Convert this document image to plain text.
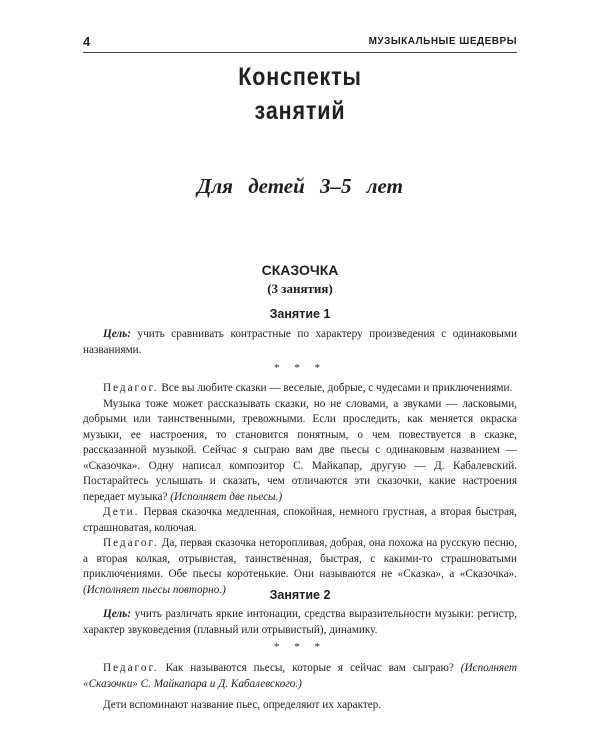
4	МУЗЫКАЛЬНЫЕ ШЕДЕВРЫ
Конспекты
занятий
Для детей 3–5 лет
СКАЗОЧКА
(3 занятия)
Занятие 1

Цель: учить сравнивать контрастные по характеру произведения с одинаковыми названиями.

* * *

Педагог. Все вы любите сказки — веселые, добрые, с чудесами и приключениями.

Музыка тоже может рассказывать сказки, но не словами, а звуками — ласковыми, добрыми или таинственными, тревожными. Если проследить, как меняется окраска музыки, ее настроения, то становится понятным, о чем повествуется в сказке, рассказанной музыкой. Сейчас я сыграю вам две пьесы с одинаковым названием — «Сказочка». Одну написал композитор С. Майкапар, другую — Д. Кабалевский. Постарайтесь услышать и сказать, чем отличаются эти сказочки, какие настроения передает музыка? (Исполняет две пьесы.)

Дети. Первая сказочка медленная, спокойная, немного грустная, а вторая быстрая, страшноватая, колючая.

Педагог. Да, первая сказочка неторопливая, добрая, она похожа на русскую песню, а вторая колкая, отрывистая, таинственная, быстрая, с какими-то страшноватыми приключениями. Обе пьесы коротенькие. Они называются не «Сказка», а «Сказочка». (Исполняет пьесы повторно.)	Занятие 2

Цель: учить различать яркие интонации, средства выразительности музыки: регистр, характер звуковедения (плавный или отрывистый), динамику.

* * *

Педагог. Как называются пьесы, которые я сейчас вам сыграю? (Исполняет «Сказочки» С. Майкапара и Д. Кабалевского.)

Дети вспоминают название пьес, определяют их характер.
